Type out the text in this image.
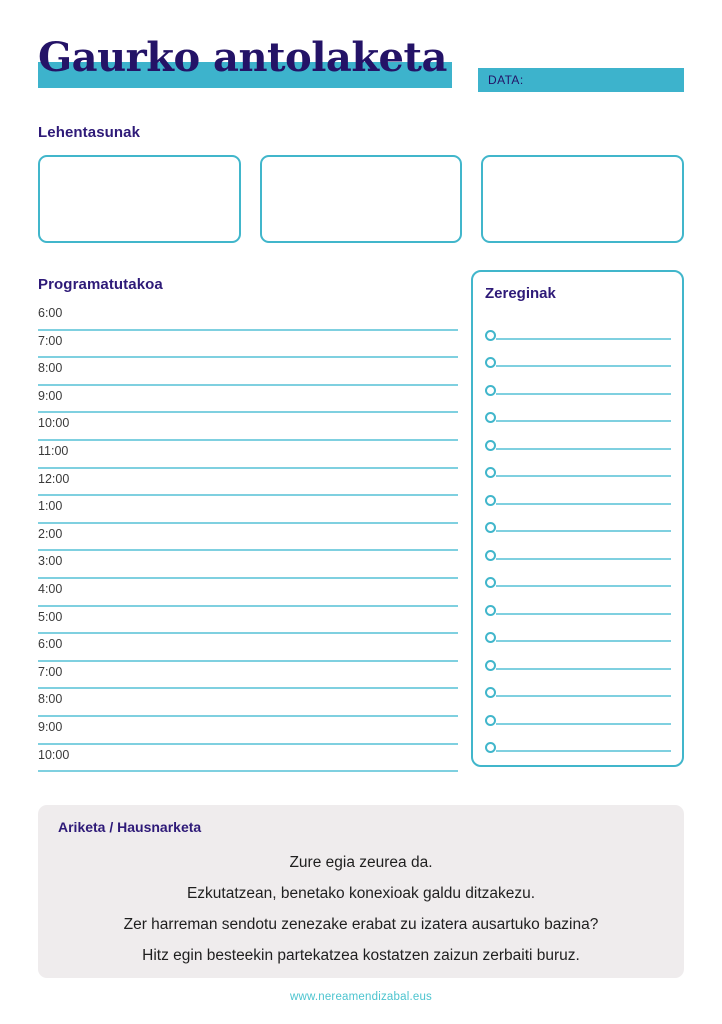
Gaurko antolaketa	DATA:
Lehentasunak
Programatutakoa
6:00
7:00
8:00
9:00
10:00
11:00
12:00
1:00
2:00
3:00
4:00
5:00
6:00
7:00
8:00
9:00
10:00
Zereginak
Ariketa / Hausnarketa
Zure egia zeurea da.
Ezkutatzean, benetako konexioak galdu ditzakezu.
Zer harreman sendotu zenezake erabat zu izatera ausartuko bazina?
Hitz egin besteekin partekatzea kostatzen zaizun zerbaiti buruz.
www.nereamendizabal.eus
